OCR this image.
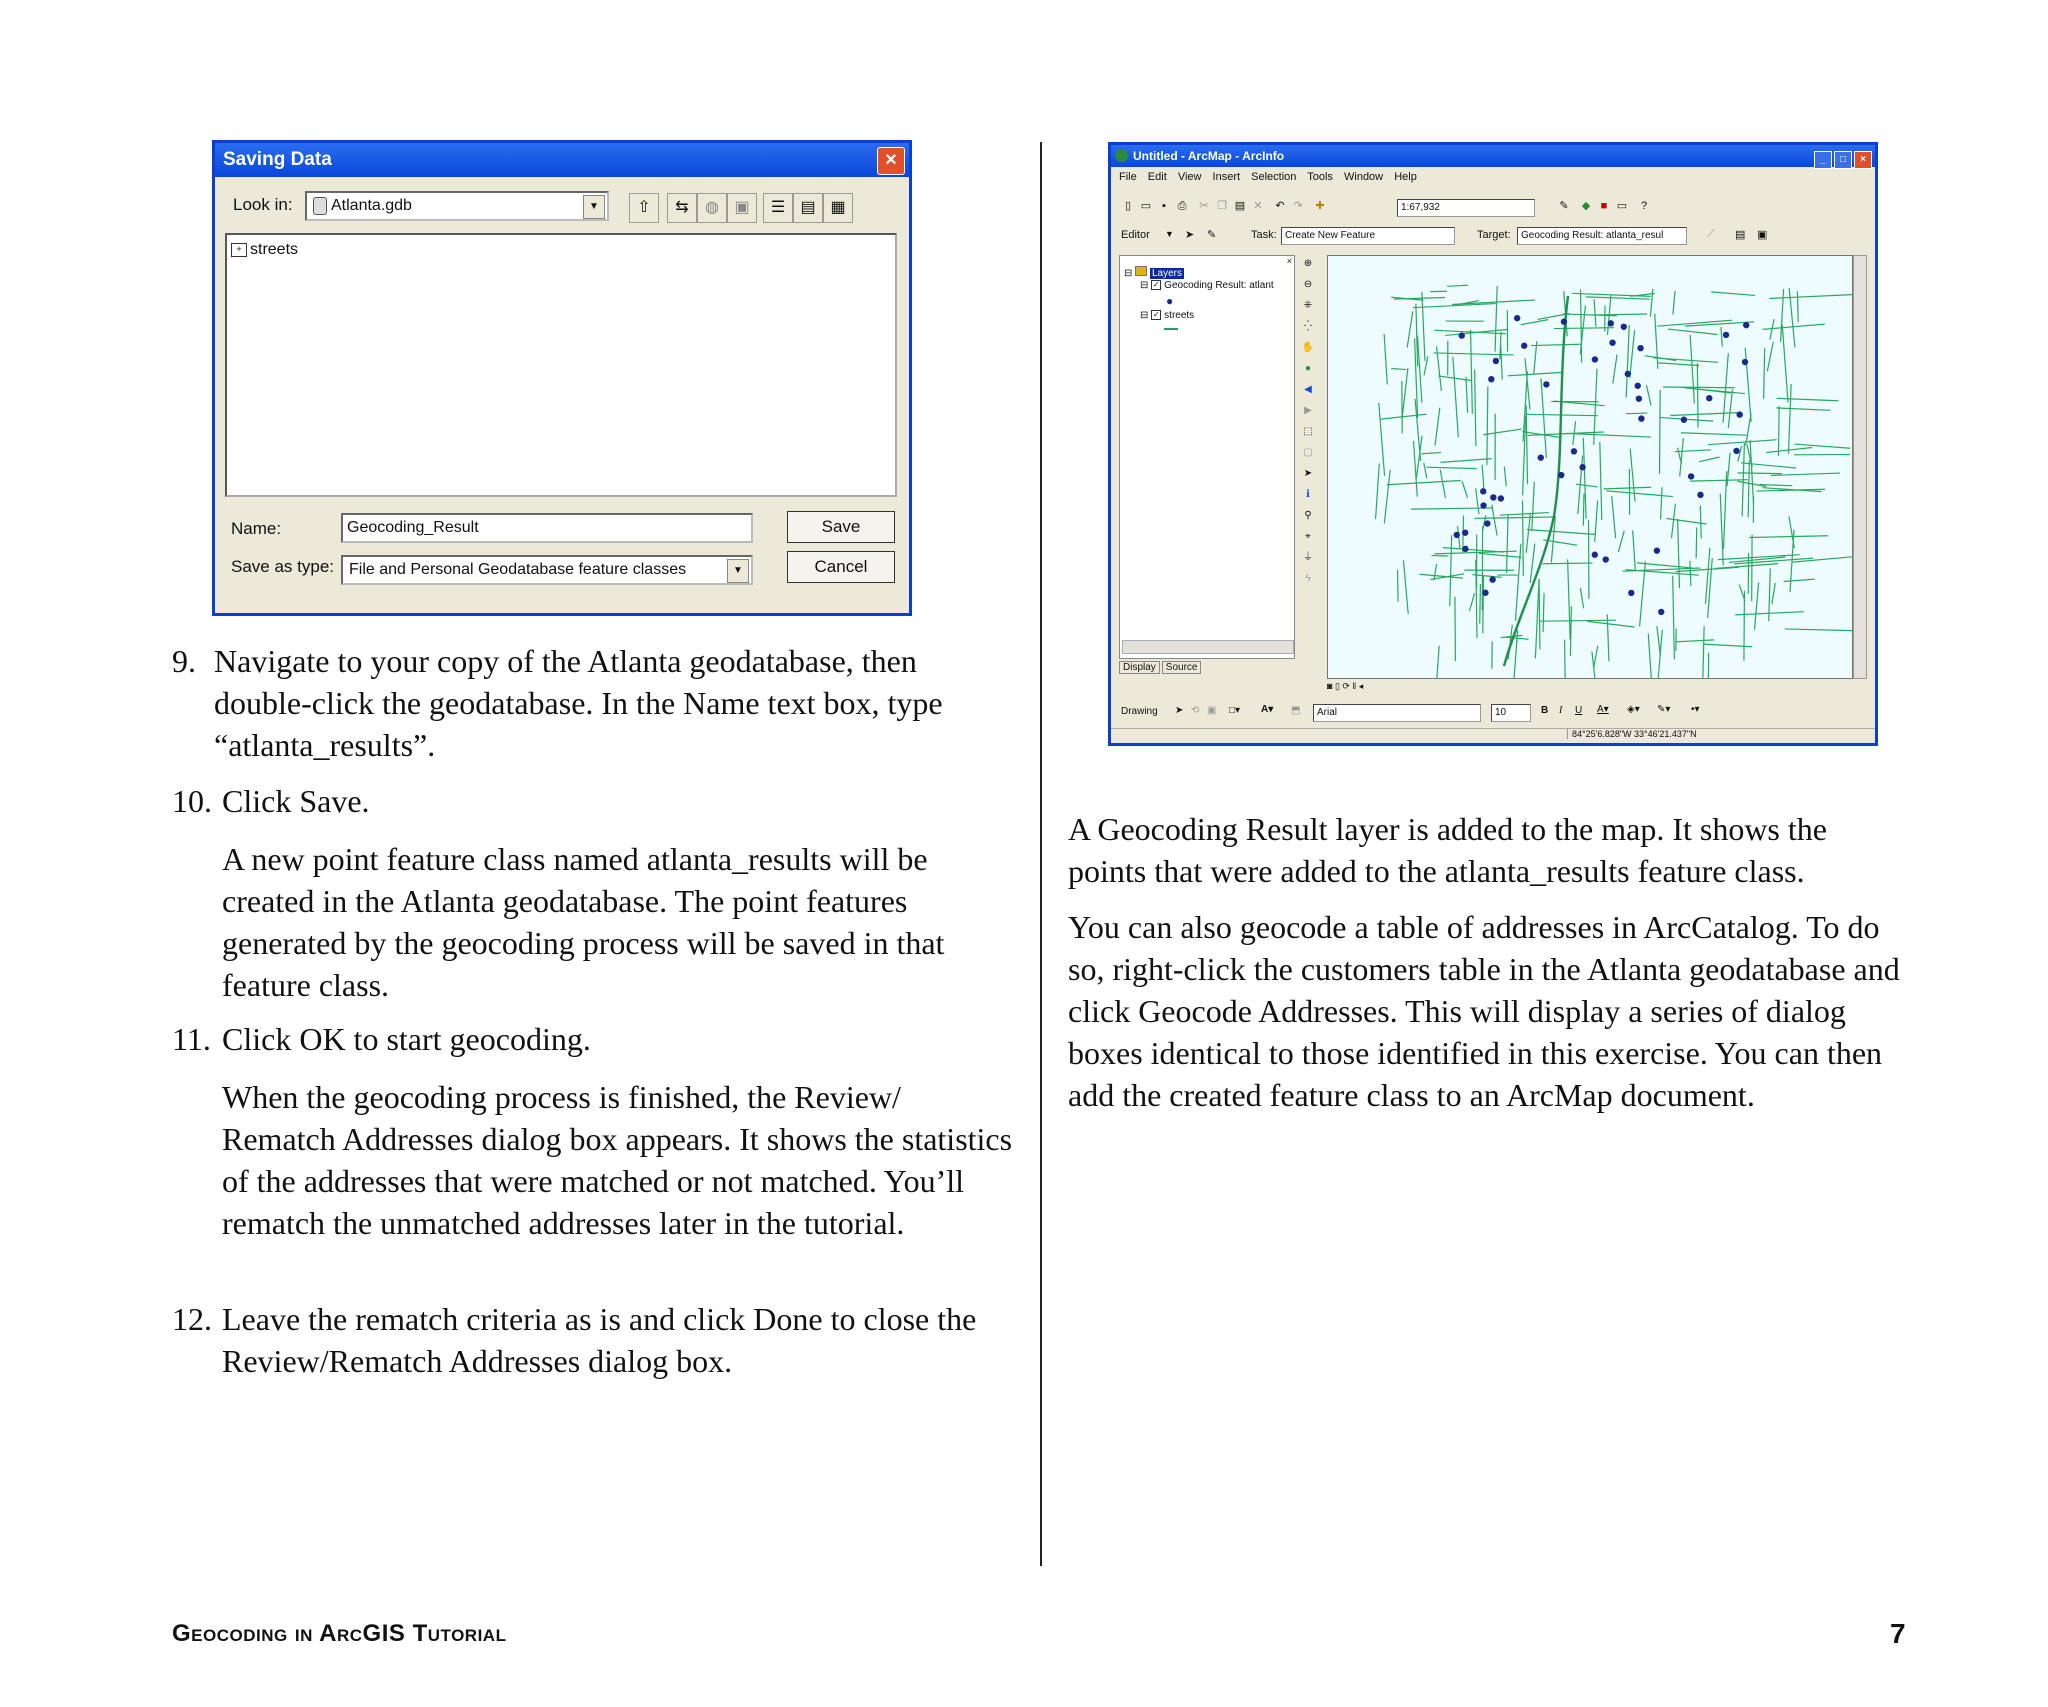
Saving Data	×
Look in:	Atlanta.gdb	▼	⇧	⇆	◍ ▣	☰ ▤ ▦
+ streets
Name:	Geocoding_Result
Save as type: File and Personal Geodatabase feature classes	▼
Save
Cancel
9. Navigate to your copy of the Atlanta geodatabase, then double-click the geodatabase. In the Name text box, type “atlanta_results”.
10. Click Save.

A new point feature class named atlanta_results will be created in the Atlanta geodatabase. The point features generated by the geocoding process will be saved in that feature class.

11. Click OK to start geocoding.

When the geocoding process is finished, the Review/ Rematch Addresses dialog box appears. It shows the statistics of the addresses that were matched or not matched. You’ll rematch the unmatched addresses later in the tutorial.

12. Leave the rematch criteria as is and click Done to close the Review/Rematch Addresses dialog box.
Untitled - ArcMap - ArcInfo	_ □ ×
File Edit View Insert Selection Tools Window Help
▯ ▭ ▪	⎙ ✂ ❐ ▤ ✕ ↶ ↷ ✚	✎ ◆ ■ ▭	?
1:67,932
Editor ▼ ➤ ✎	Task: Create New Feature	Target:	Geocoding Result: atlanta_resul	⟋ ▤ ▣
×
⊟  Layers
⊟ ✓ Geocoding Result: atlant
●
⊟ ✓ streets
Display Source
⊕
⊖
⁜
⁛
✋
●
◀
▶
⬚
▢
➤
ℹ
⚲
⌖
⏚
ϟ
◙ ▯ ⟳ ‖ ◂
Drawing ➤ ⟲ ▣ □▾ A▾ ⬒	Arial	10	B I U A▾ ◈▾ ✎▾ •▾
84°25'6.828"W 33°46'21.437"N

A Geocoding Result layer is added to the map. It shows the points that were added to the atlanta_results feature class.

You can also geocode a table of addresses in ArcCatalog. To do so, right-click the customers table in the Atlanta geodatabase and click Geocode Addresses. This will display a series of dialog boxes identical to those identified in this exercise. You can then add the created feature class to an ArcMap document.

Geocoding in ArcGIS Tutorial	7
